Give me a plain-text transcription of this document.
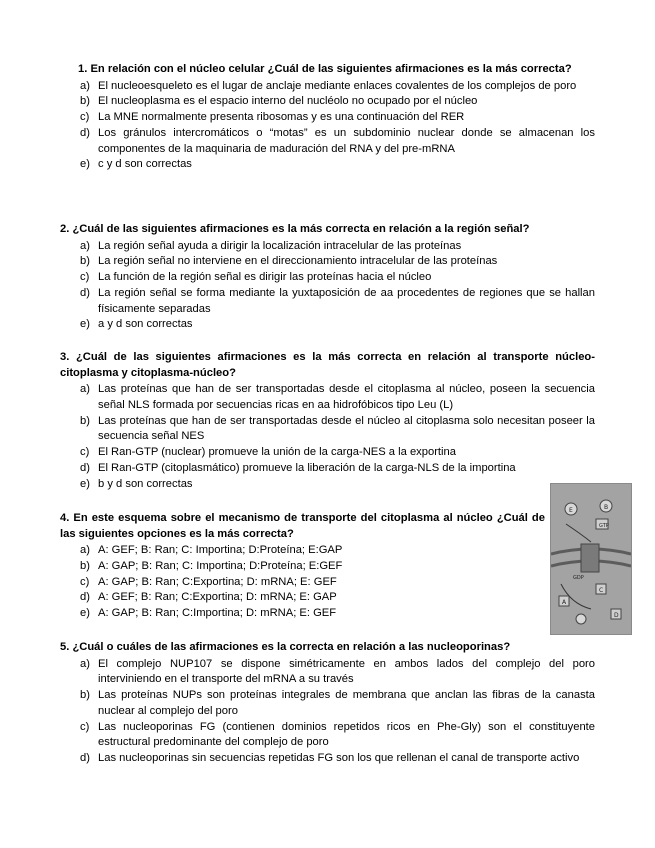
1. En relación con el núcleo celular ¿Cuál de las siguientes afirmaciones es la más correcta?
a) El nucleoesqueleto es el lugar de anclaje mediante enlaces covalentes de los complejos de poro
b) El nucleoplasma es el espacio interno del nucléolo no ocupado por el núcleo
c) La MNE normalmente presenta ribosomas y es una continuación del RER
d) Los gránulos intercromáticos o “motas” es un subdominio nuclear donde se almacenan los componentes de la maquinaria de maduración del RNA y del pre-mRNA
e) c y d son correctas
2. ¿Cuál de las siguientes afirmaciones es la más correcta en relación a la región señal?
a) La región señal ayuda a dirigir la localización intracelular de las proteínas
b) La región señal no interviene en el direccionamiento intracelular de las proteínas
c) La función de la región señal es dirigir las proteínas hacia el núcleo
d) La región señal se forma mediante la yuxtaposición de aa procedentes de regiones que se hallan físicamente separadas
e) a y d son correctas
3. ¿Cuál de las siguientes afirmaciones es la más correcta en relación al transporte núcleo-citoplasma y citoplasma-núcleo?
a) Las proteínas que han de ser transportadas desde el citoplasma al núcleo, poseen la secuencia señal NLS formada por secuencias ricas en aa hidrofóbicos tipo Leu (L)
b) Las proteínas que han de ser transportadas desde el núcleo al citoplasma solo necesitan poseer la secuencia señal NES
c) El Ran-GTP (nuclear) promueve la unión de la carga-NES a la exportina
d) El Ran-GTP (citoplasmático) promueve la liberación de la carga-NLS de la importina
e) b y d son correctas
4. En este esquema sobre el mecanismo de transporte del citoplasma al núcleo ¿Cuál de las siguientes opciones es la más correcta?
a) A: GEF; B: Ran; C: Importina; D:Proteína; E:GAP
b) A: GAP; B: Ran; C: Importina; D:Proteína; E:GEF
c) A: GAP; B: Ran; C:Exportina; D: mRNA; E: GEF
d) A: GEF; B: Ran; C:Exportina; D: mRNA; E: GAP
e) A: GAP; B: Ran; C:Importina; D: mRNA; E: GEF
E	B
GTP
A
C
D
GDP
5. ¿Cuál o cuáles de las afirmaciones es la correcta en relación a las nucleoporinas?
a) El complejo NUP107 se dispone simétricamente en ambos lados del complejo del poro interviniendo en el transporte del mRNA a su través
b) Las proteínas NUPs son proteínas integrales de membrana que anclan las fibras de la canasta nuclear al complejo del poro
c) Las nucleoporinas FG (contienen dominios repetidos ricos en Phe-Gly) son el constituyente estructural predominante del complejo de poro
d) Las nucleoporinas sin secuencias repetidas FG son los que rellenan el canal de transporte activo
